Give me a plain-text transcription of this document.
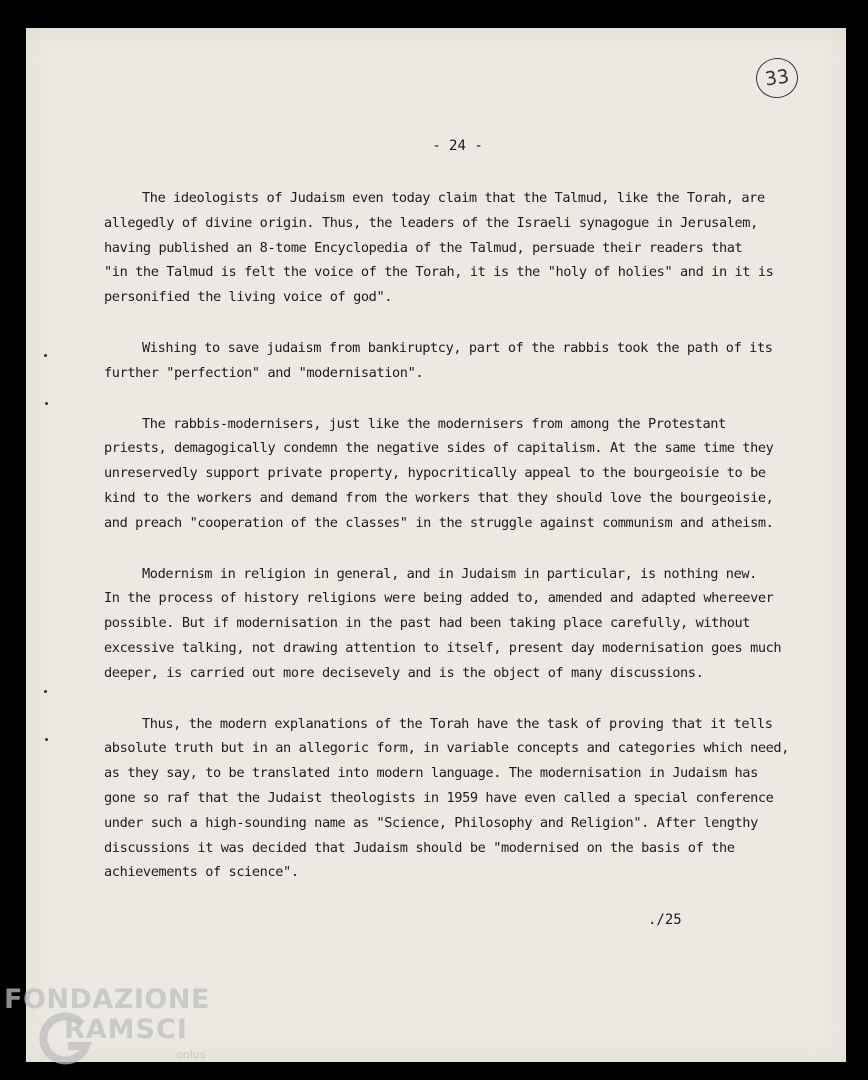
33
- 24 -
The ideologists of Judaism even today claim that the Talmud, like the Torah, are
allegedly of divine origin. Thus, the leaders of the Israeli synagogue in Jerusalem,
having published an 8-tome Encyclopedia of the Talmud, persuade their readers that
"in the Talmud is felt the voice of the Torah, it is the "holy of holies" and in it is
personified the living voice of god".
Wishing to save judaism from bankiruptcy, part of the rabbis took the path of its
further "perfection" and "modernisation".
The rabbis-modernisers, just like the modernisers from among the Protestant
priests, demagogically condemn the negative sides of capitalism. At the same time they
unreservedly support private property, hypocritically appeal to the bourgeoisie to be
kind to the workers and demand from the workers that they should love the bourgeoisie,
and preach "cooperation of the classes" in the struggle against communism and atheism.
Modernism in religion in general, and in Judaism in particular, is nothing new.
In the process of history religions were being added to, amended and adapted whereever
possible. But if modernisation in the past had been taking place carefully, without
excessive talking, not drawing attention to itself, present day modernisation goes much
deeper, is carried out more decisevely and is the object of many discussions.
Thus, the modern explanations of the Torah have the task of proving that it tells
absolute truth but in an allegoric form, in variable concepts and categories which need,
as they say, to be translated into modern language. The modernisation in Judaism has
gone so raf that the Judaist theologists in 1959 have even called a special conference
under such a high-sounding name as "Science, Philosophy and Religion". After lengthy
discussions it was decided that Judaism should be "modernised on the basis of the
achievements of science".
./25
FONDAZIONE
RAMSCI
onlus
